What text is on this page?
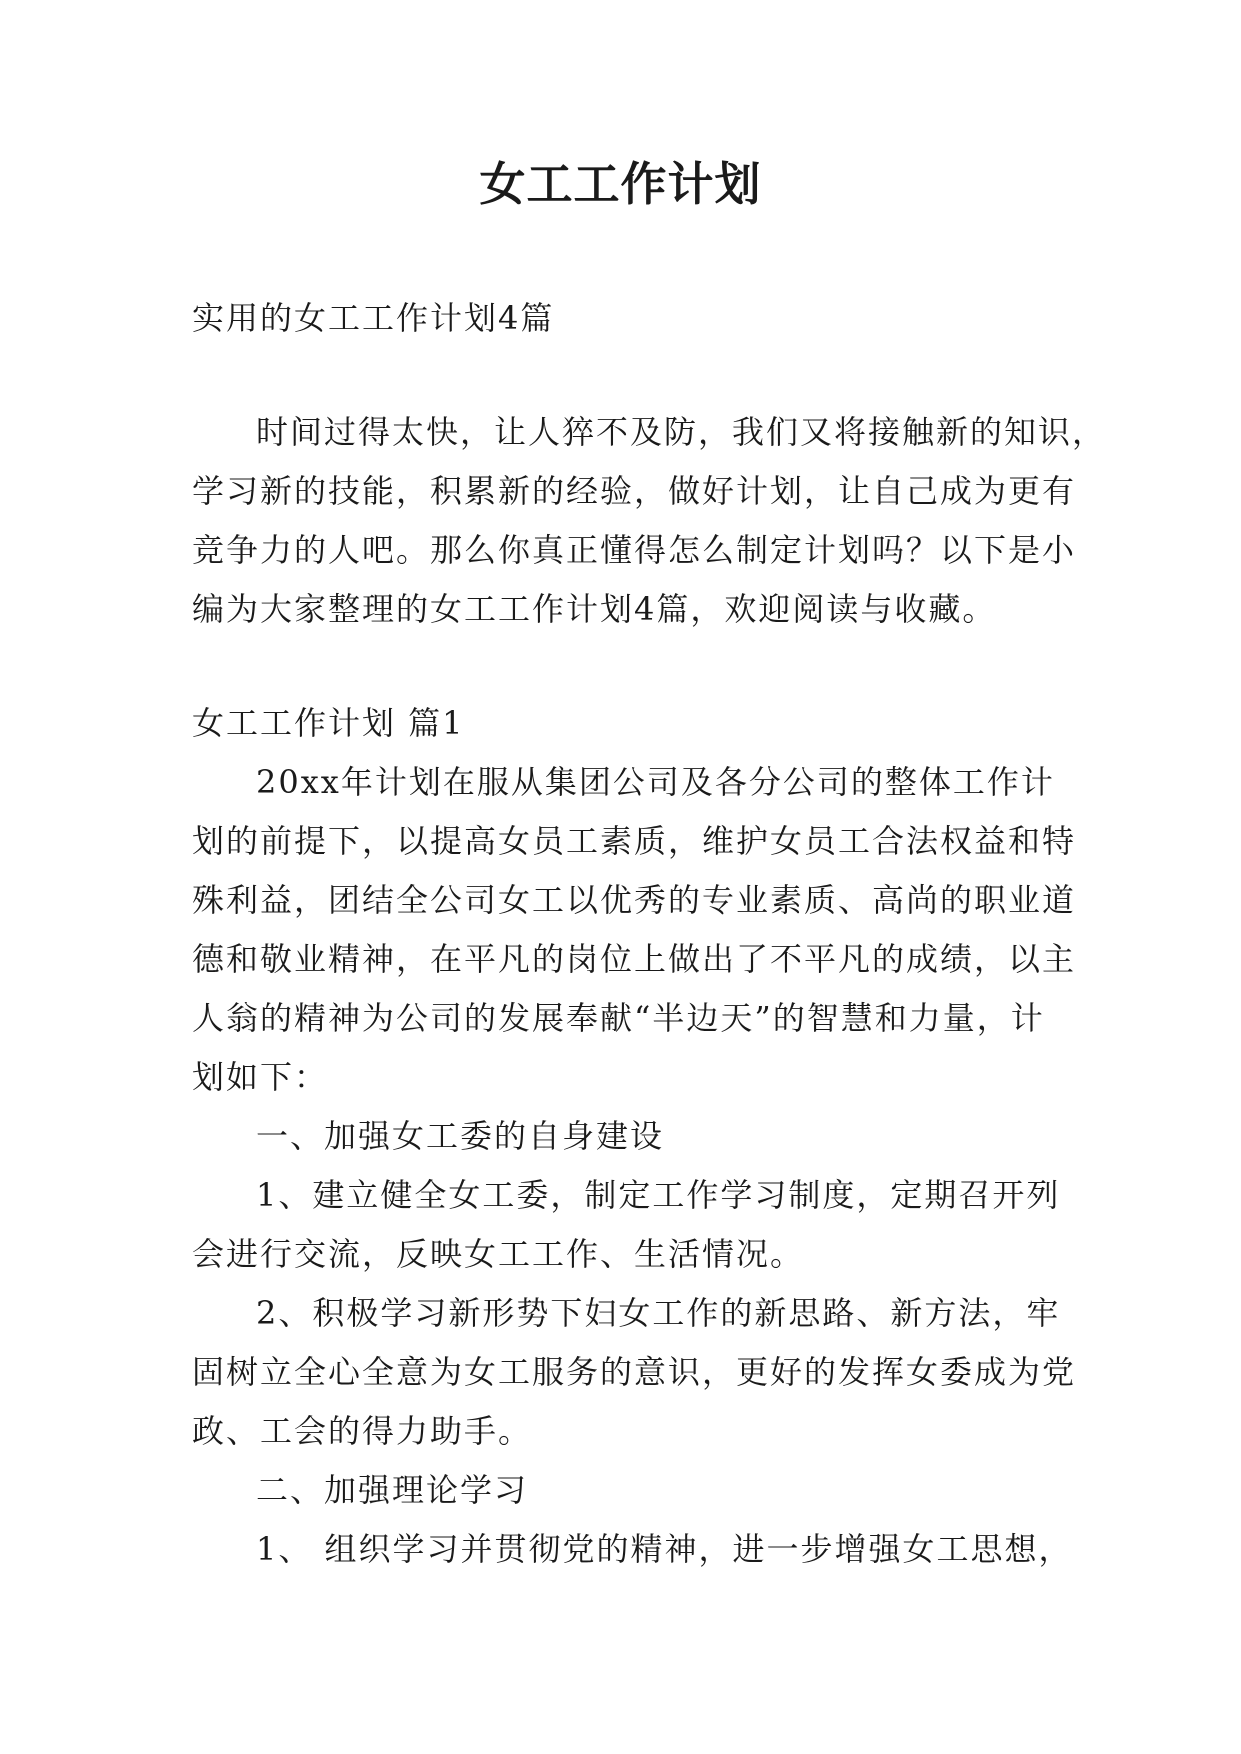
女工工作计划
实用的女工工作计划4篇
时间过得太快，让人猝不及防，我们又将接触新的知识，
学习新的技能，积累新的经验，做好计划，让自己成为更有
竞争力的人吧。那么你真正懂得怎么制定计划吗？以下是小
编为大家整理的女工工作计划4篇，欢迎阅读与收藏。
女工工作计划 篇1
20xx年计划在服从集团公司及各分公司的整体工作计
划的前提下，以提高女员工素质，维护女员工合法权益和特
殊利益，团结全公司女工以优秀的专业素质、高尚的职业道
德和敬业精神，在平凡的岗位上做出了不平凡的成绩，以主
人翁的精神为公司的发展奉献“半边天”的智慧和力量，计
划如下：
一、加强女工委的自身建设
1、建立健全女工委，制定工作学习制度，定期召开列
会进行交流，反映女工工作、生活情况。
2、积极学习新形势下妇女工作的新思路、新方法，牢
固树立全心全意为女工服务的意识，更好的发挥女委成为党
政、工会的得力助手。
二、加强理论学习
1、 组织学习并贯彻党的精神，进一步增强女工思想，
